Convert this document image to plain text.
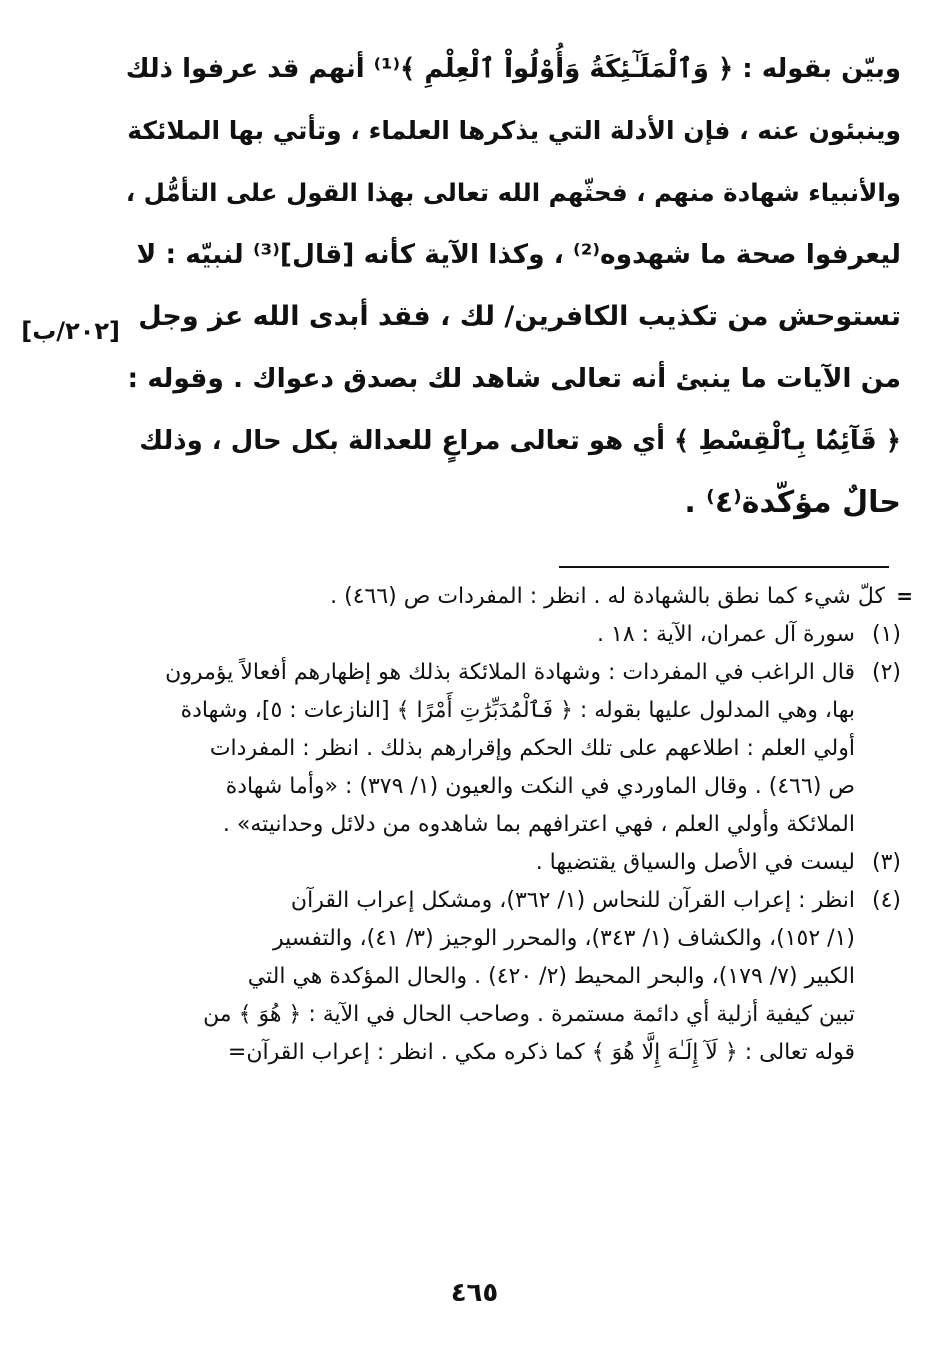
وبيّن بقوله : ﴿ وَٱلْمَلَـٰٓئِكَةُ وَأُوْلُواْ ٱلْعِلْمِ ﴾⁽¹⁾ أنهم قد عرفوا ذلك
وينبئون عنه ، فإن الأدلة التي يذكرها العلماء ، وتأتي بها الملائكة
والأنبياء شهادة منهم ، فحثّهم الله تعالى بهذا القول على التأمُّل ،
ليعرفوا صحة ما شهدوه⁽²⁾ ، وكذا الآية كأنه [قال]⁽³⁾ لنبيّه : لا
تستوحش من تكذيب الكافرين/ لك ، فقد أبدى الله عز وجل
من الآيات ما ينبئ أنه تعالى شاهد لك بصدق دعواك . وقوله :
﴿ قَآئِمَۢا بِٱلْقِسْطِ ﴾ أي هو تعالى مراعٍ للعدالة بكل حال ، وذلك
حالٌ مؤكّدة⁽٤⁾ .
[٢٠٢/ب]
=
كلّ شيء كما نطق بالشهادة له . انظر : المفردات ص (٤٦٦) .
(١)
سورة آل عمران، الآية : ١٨ .
(٢)
قال الراغب في المفردات : وشهادة الملائكة بذلك هو إظهارهم أفعالاً يؤمرون
بها، وهي المدلول عليها بقوله : ﴿ فَٱلْمُدَبِّرَٰتِ أَمْرًا ﴾ [النازعات : ٥]، وشهادة
أولي العلم : اطلاعهم على تلك الحكم وإقرارهم بذلك . انظر : المفردات
ص (٤٦٦) . وقال الماوردي في النكت والعيون (١/ ٣٧٩) : «وأما شهادة
الملائكة وأولي العلم ، فهي اعترافهم بما شاهدوه من دلائل وحدانيته» .
(٣)
ليست في الأصل والسياق يقتضيها .
(٤)
انظر : إعراب القرآن للنحاس (١/ ٣٦٢)، ومشكل إعراب القرآن
(١/ ١٥٢)، والكشاف (١/ ٣٤٣)، والمحرر الوجيز (٣/ ٤١)، والتفسير
الكبير (٧/ ١٧٩)، والبحر المحيط (٢/ ٤٢٠) . والحال المؤكدة هي التي
تبين كيفية أزلية أي دائمة مستمرة . وصاحب الحال في الآية : ﴿ هُوَ ﴾ من
قوله تعالى : ﴿ لَآ إِلَـٰهَ إِلَّا هُوَ ﴾ كما ذكره مكي . انظر : إعراب القرآن=
٤٦٥
